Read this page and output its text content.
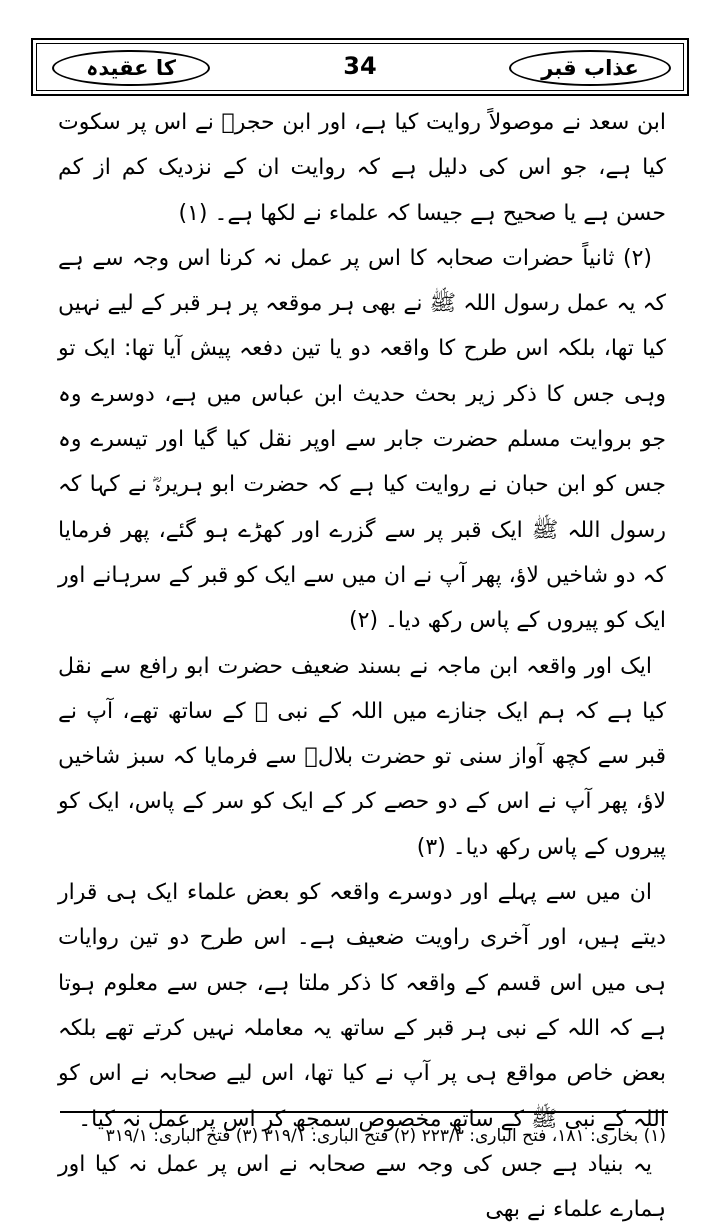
عذاب قبر
34
کا عقیدہ

ابن سعد نے موصولاً روایت کیا ہے، اور ابن حجرؒ نے اس پر سکوت کیا ہے، جو اس کی دلیل ہے کہ روایت ان کے نزدیک کم از کم حسن ہے یا صحیح ہے جیسا کہ علماء نے لکھا ہے۔ (۱)

(۲) ثانیاً حضرات صحابہ کا اس پر عمل نہ کرنا اس وجہ سے ہے کہ یہ عمل رسول اللہ ﷺ نے بھی ہر موقعہ پر ہر قبر کے لیے نہیں کیا تھا، بلکہ اس طرح کا واقعہ دو یا تین دفعہ پیش آیا تھا: ایک تو وہی جس کا ذکر زیر بحث حدیث ابن عباس میں ہے، دوسرے وہ جو بروایت مسلم حضرت جابر سے اوپر نقل کیا گیا اور تیسرے وہ جس کو ابن حبان نے روایت کیا ہے کہ حضرت ابو ہریرہؓ نے کہا کہ رسول اللہ ﷺ ایک قبر پر سے گزرے اور کھڑے ہو گئے، پھر فرمایا کہ دو شاخیں لاؤ، پھر آپ نے ان میں سے ایک کو قبر کے سرہانے اور ایک کو پیروں کے پاس رکھ دیا۔ (۲)

ایک اور واقعہ ابن ماجہ نے بسند ضعیف حضرت ابو رافع سے نقل کیا ہے کہ ہم ایک جنازے میں اللہ کے نبی ﷺ کے ساتھ تھے، آپ نے قبر سے کچھ آواز سنی تو حضرت بلالؓ سے فرمایا کہ سبز شاخیں لاؤ، پھر آپ نے اس کے دو حصے کر کے ایک کو سر کے پاس، ایک کو پیروں کے پاس رکھ دیا۔ (۳)

ان میں سے پہلے اور دوسرے واقعہ کو بعض علماء ایک ہی قرار دیتے ہیں، اور آخری راویت ضعیف ہے۔ اس طرح دو تین روایات ہی میں اس قسم کے واقعہ کا ذکر ملتا ہے، جس سے معلوم ہوتا ہے کہ اللہ کے نبی ہر قبر کے ساتھ یہ معاملہ نہیں کرتے تھے بلکہ بعض خاص مواقع ہی پر آپ نے کیا تھا، اس لیے صحابہ نے اس کو اللہ کے نبی ﷺ کے ساتھ مخصوص سمجھ کر اس پر عمل نہ کیا۔

یہ بنیاد ہے جس کی وجہ سے صحابہ نے اس پر عمل نہ کیا اور ہمارے علماء نے بھی

(۱) بخاری: ۱۸۱، فتح الباری: ۲۲۳/۳ (۲) فتح الباری: ۳۱۹/۱ (۳) فتح الباری: ۳۱۹/۱
